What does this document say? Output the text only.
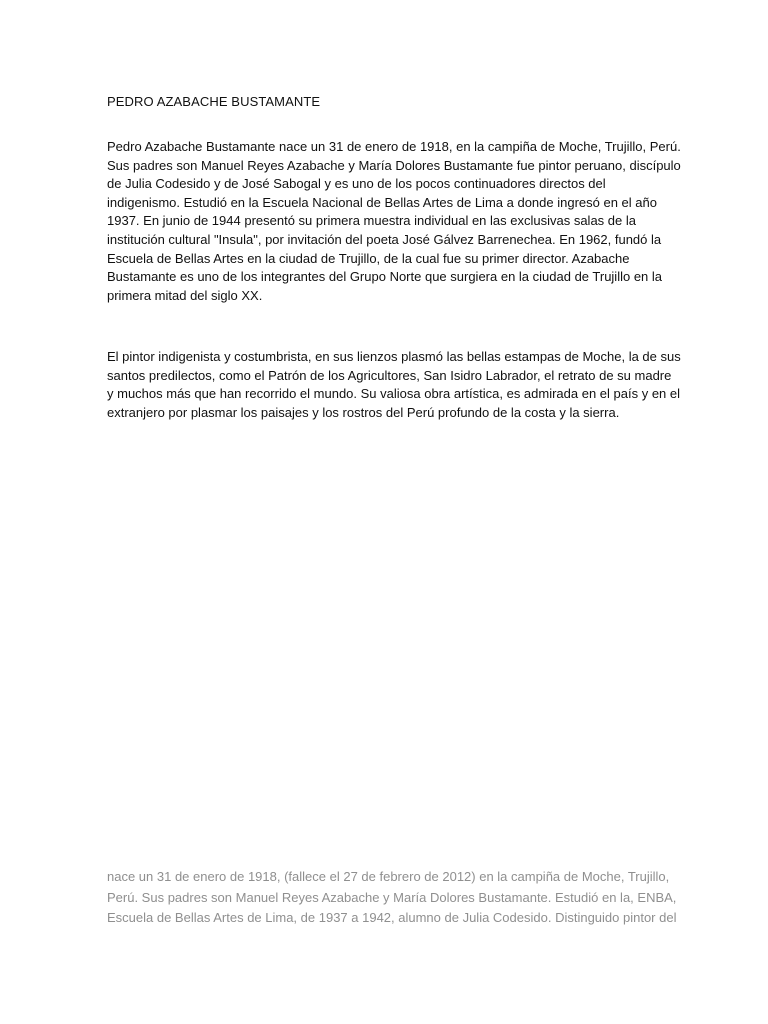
PEDRO AZABACHE BUSTAMANTE
Pedro Azabache Bustamante nace un 31 de enero de 1918, en la campiña de Moche, Trujillo, Perú.
Sus padres son Manuel Reyes Azabache y María Dolores Bustamante fue pintor peruano, discípulo
de Julia Codesido y de José Sabogal y es uno de los pocos continuadores directos del
indigenismo. Estudió en la Escuela Nacional de Bellas Artes de Lima a donde ingresó en el año
1937. En junio de 1944 presentó su primera muestra individual en las exclusivas salas de la
institución cultural "Insula", por invitación del poeta José Gálvez Barrenechea. En 1962, fundó la
Escuela de Bellas Artes en la ciudad de Trujillo, de la cual fue su primer director. Azabache
Bustamante es uno de los integrantes del Grupo Norte que surgiera en la ciudad de Trujillo en la
primera mitad del siglo XX.
El pintor indigenista y costumbrista, en sus lienzos plasmó las bellas estampas de Moche, la de sus
santos predilectos, como el Patrón de los Agricultores, San Isidro Labrador, el retrato de su madre
y muchos más que han recorrido el mundo. Su valiosa obra artística, es admirada en el país y en el
extranjero por plasmar los paisajes y los rostros del Perú profundo de la costa y la sierra.
nace un 31 de enero de 1918, (fallece el 27 de febrero de 2012) en la campiña de Moche, Trujillo,
Perú. Sus padres son Manuel Reyes Azabache y María Dolores Bustamante. Estudió en la, ENBA,
Escuela de Bellas Artes de Lima, de 1937 a 1942, alumno de Julia Codesido. Distinguido pintor del
